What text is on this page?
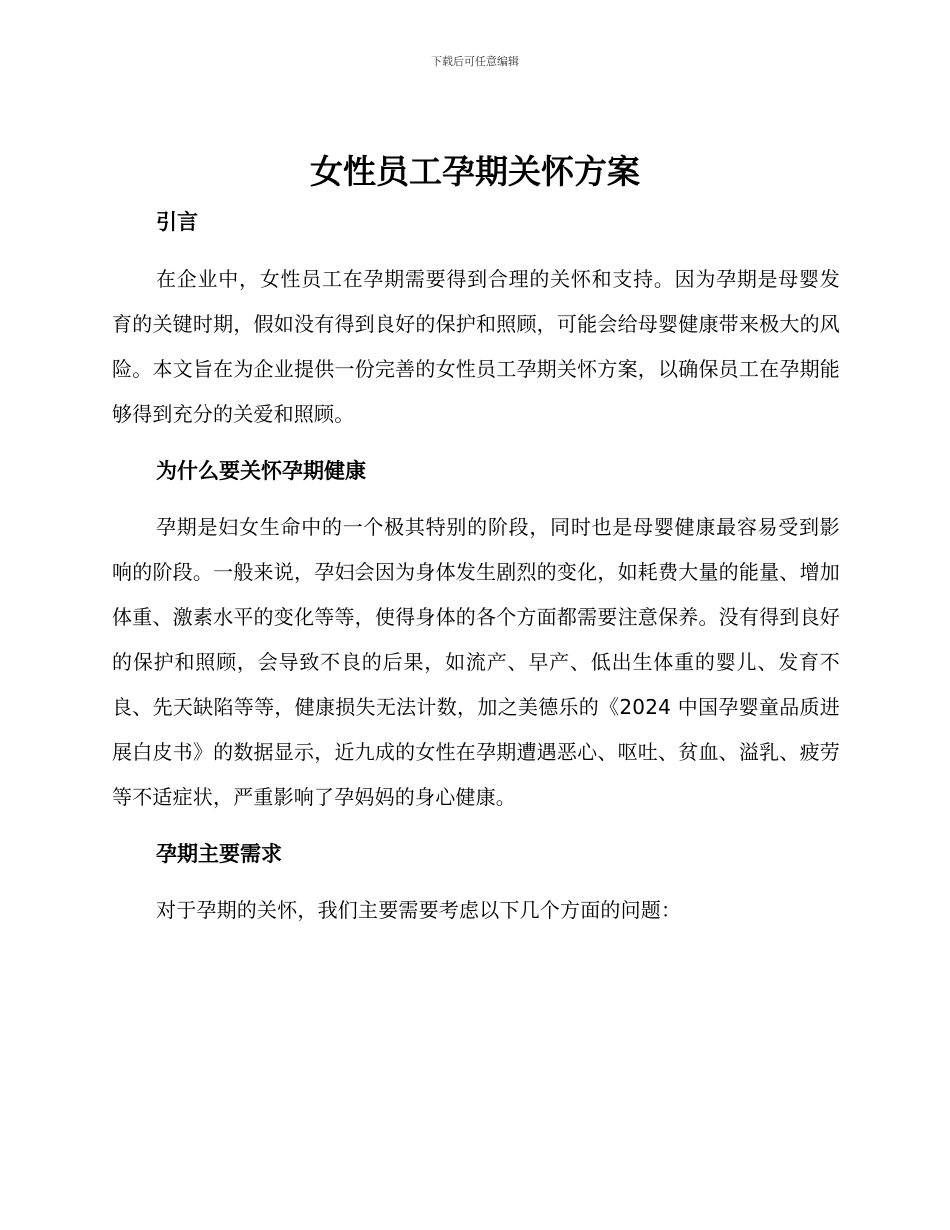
下载后可任意编辑
女性员工孕期关怀方案
引言

在企业中，女性员工在孕期需要得到合理的关怀和支持。因为孕期是母婴发育的关键时期，假如没有得到良好的保护和照顾，可能会给母婴健康带来极大的风险。本文旨在为企业提供一份完善的女性员工孕期关怀方案，以确保员工在孕期能够得到充分的关爱和照顾。

为什么要关怀孕期健康

孕期是妇女生命中的一个极其特别的阶段，同时也是母婴健康最容易受到影响的阶段。一般来说，孕妇会因为身体发生剧烈的变化，如耗费大量的能量、增加体重、激素水平的变化等等，使得身体的各个方面都需要注意保养。没有得到良好的保护和照顾，会导致不良的后果，如流产、早产、低出生体重的婴儿、发育不良、先天缺陷等等，健康损失无法计数，加之美德乐的《2024 中国孕婴童品质进展白皮书》的数据显示，近九成的女性在孕期遭遇恶心、呕吐、贫血、溢乳、疲劳等不适症状，严重影响了孕妈妈的身心健康。

孕期主要需求

对于孕期的关怀，我们主要需要考虑以下几个方面的问题：
